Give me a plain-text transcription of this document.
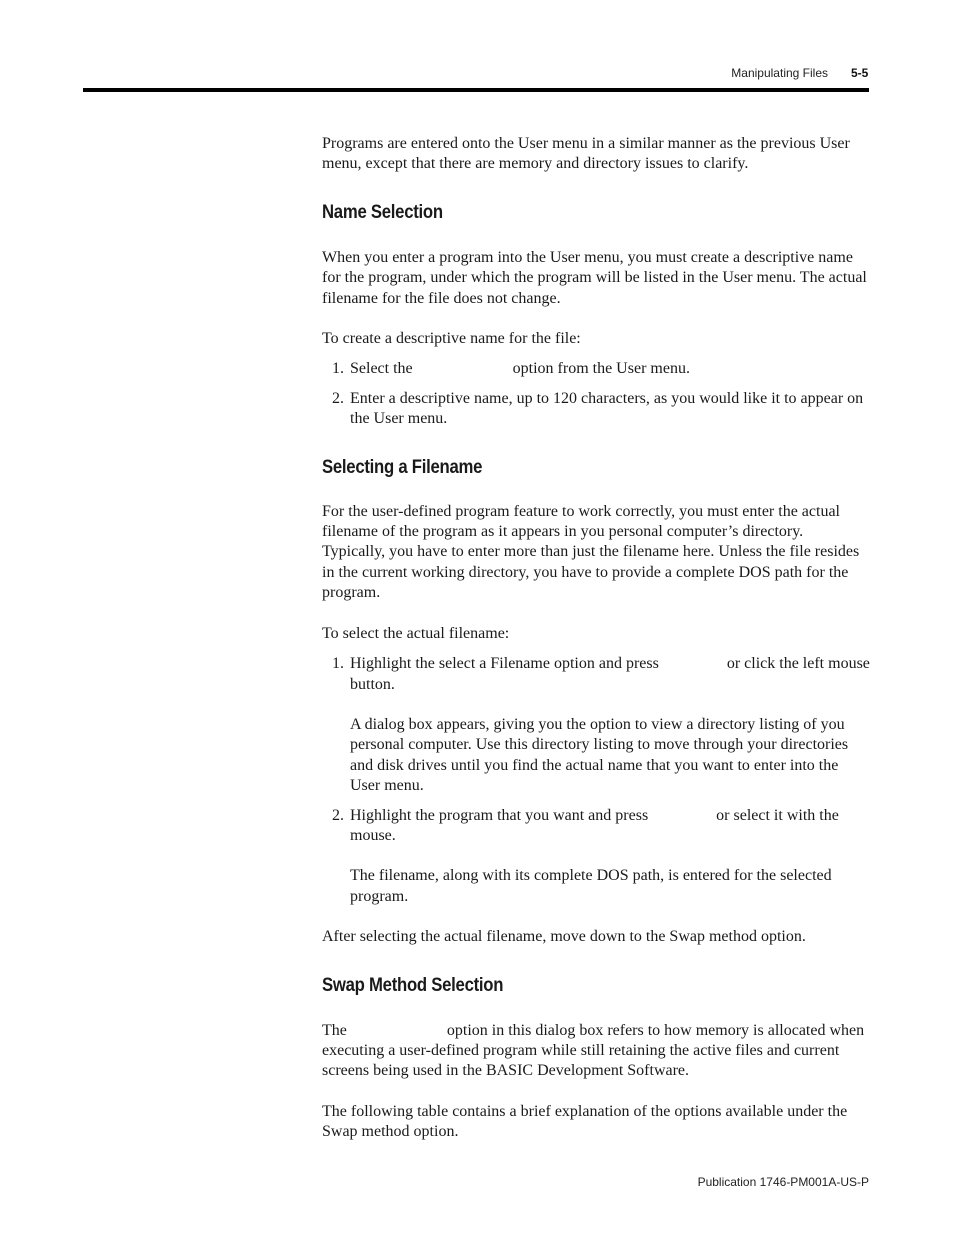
Manipulating Files 5-5

Programs are entered onto the User menu in a similar manner as the previous User menu, except that there are memory and directory issues to clarify.

Name Selection

When you enter a program into the User menu, you must create a descriptive name for the program, under which the program will be listed in the User menu. The actual filename for the file does not change.

To create a descriptive name for the file:

1. Select the	option from the User menu.
2. Enter a descriptive name, up to 120 characters, as you would like it to appear on the User menu.
Selecting a Filename

For the user-defined program feature to work correctly, you must enter the actual filename of the program as it appears in you personal computer’s directory. Typically, you have to enter more than just the filename here. Unless the file resides in the current working directory, you have to provide a complete DOS path for the program.

To select the actual filename:

1. Highlight the select a Filename option and press	or click the left mouse button.

A dialog box appears, giving you the option to view a directory listing of you personal computer. Use this directory listing to move through your directories and disk drives until you find the actual name that you want to enter into the User menu.

2. Highlight the program that you want and press	or select it with the mouse.

The filename, along with its complete DOS path, is entered for the selected program.

After selecting the actual filename, move down to the Swap method option.

Swap Method Selection

The	option in this dialog box refers to how memory is allocated when executing a user-defined program while still retaining the active files and current screens being used in the BASIC Development Software.

The following table contains a brief explanation of the options available under the Swap method option.

Publication 1746-PM001A-US-P
